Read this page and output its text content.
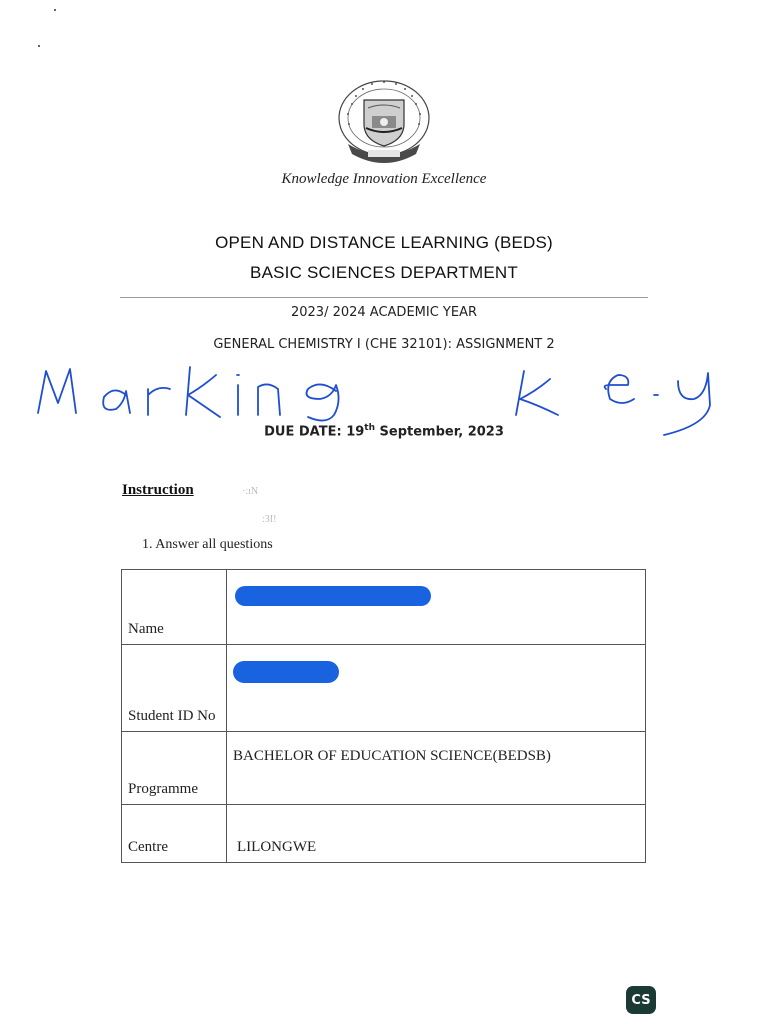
Knowledge Innovation Excellence
OPEN AND DISTANCE LEARNING (BEDS)
BASIC SCIENCES DEPARTMENT
2023/ 2024 ACADEMIC YEAR
GENERAL CHEMISTRY I (CHE 32101): ASSIGNMENT 2
DUE DATE: 19th September, 2023
Instruction	·:ıN
:ЗI!
1. Answer all questions
Name	

Student ID No	

Programme	BACHELOR OF EDUCATION SCIENCE(BEDSB)
Centre	LILONGWE
CS
